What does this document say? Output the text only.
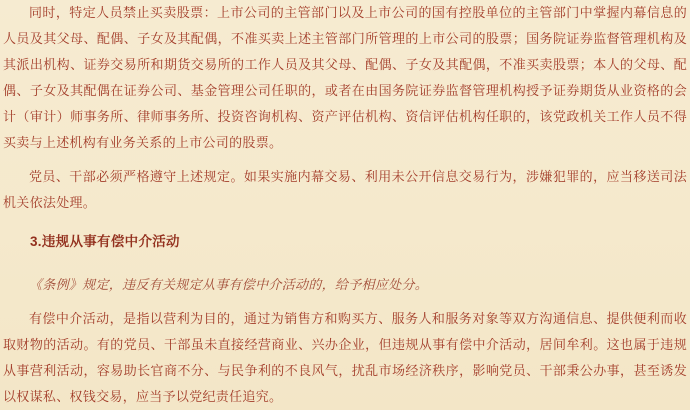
同时，特定人员禁止买卖股票：上市公司的主管部门以及上市公司的国有控股单位的主管部门中掌握内幕信息的人员及其父母、配偶、子女及其配偶，不准买卖上述主管部门所管理的上市公司的股票；国务院证券监督管理机构及其派出机构、证券交易所和期货交易所的工作人员及其父母、配偶、子女及其配偶，不准买卖股票；本人的父母、配偶、子女及其配偶在证券公司、基金管理公司任职的，或者在由国务院证券监督管理机构授予证券期货从业资格的会计（审计）师事务所、律师事务所、投资咨询机构、资产评估机构、资信评估机构任职的，该党政机关工作人员不得买卖与上述机构有业务关系的上市公司的股票。

党员、干部必须严格遵守上述规定。如果实施内幕交易、利用未公开信息交易行为，涉嫌犯罪的，应当移送司法机关依法处理。

3.违规从事有偿中介活动

《条例》规定，违反有关规定从事有偿中介活动的，给予相应处分。

有偿中介活动，是指以营利为目的，通过为销售方和购买方、服务人和服务对象等双方沟通信息、提供便利而收取财物的活动。有的党员、干部虽未直接经营商业、兴办企业，但违规从事有偿中介活动，居间牟利。这也属于违规从事营利活动，容易助长官商不分、与民争利的不良风气，扰乱市场经济秩序，影响党员、干部秉公办事，甚至诱发以权谋私、权钱交易，应当予以党纪责任追究。
